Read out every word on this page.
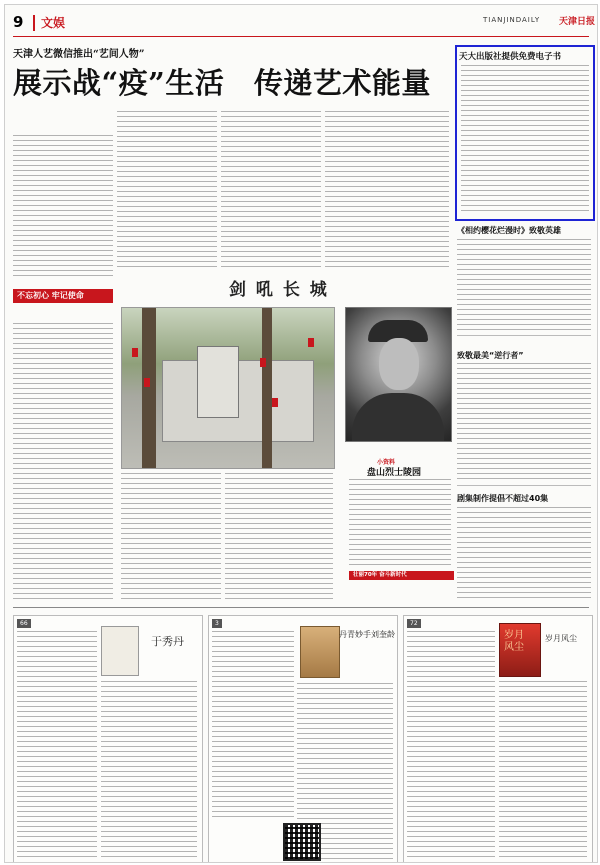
9 文娱	TIANJINDAILY 天津日报
天津人艺微信推出“艺间人物”
展示战“疫”生活　传递艺术能量
不忘初心 牢记使命	剑 吼 长 城
小资料
盘山烈士陵园
壮丽70年 奋斗新时代
天大出版社提供免费电子书
《相约樱花烂漫时》致敬英雄
致敬最美“逆行者”
剧集制作提倡不超过40集
66
于秀丹
3
丹青妙手刘奎龄
72
岁月风尘
岁月风尘
